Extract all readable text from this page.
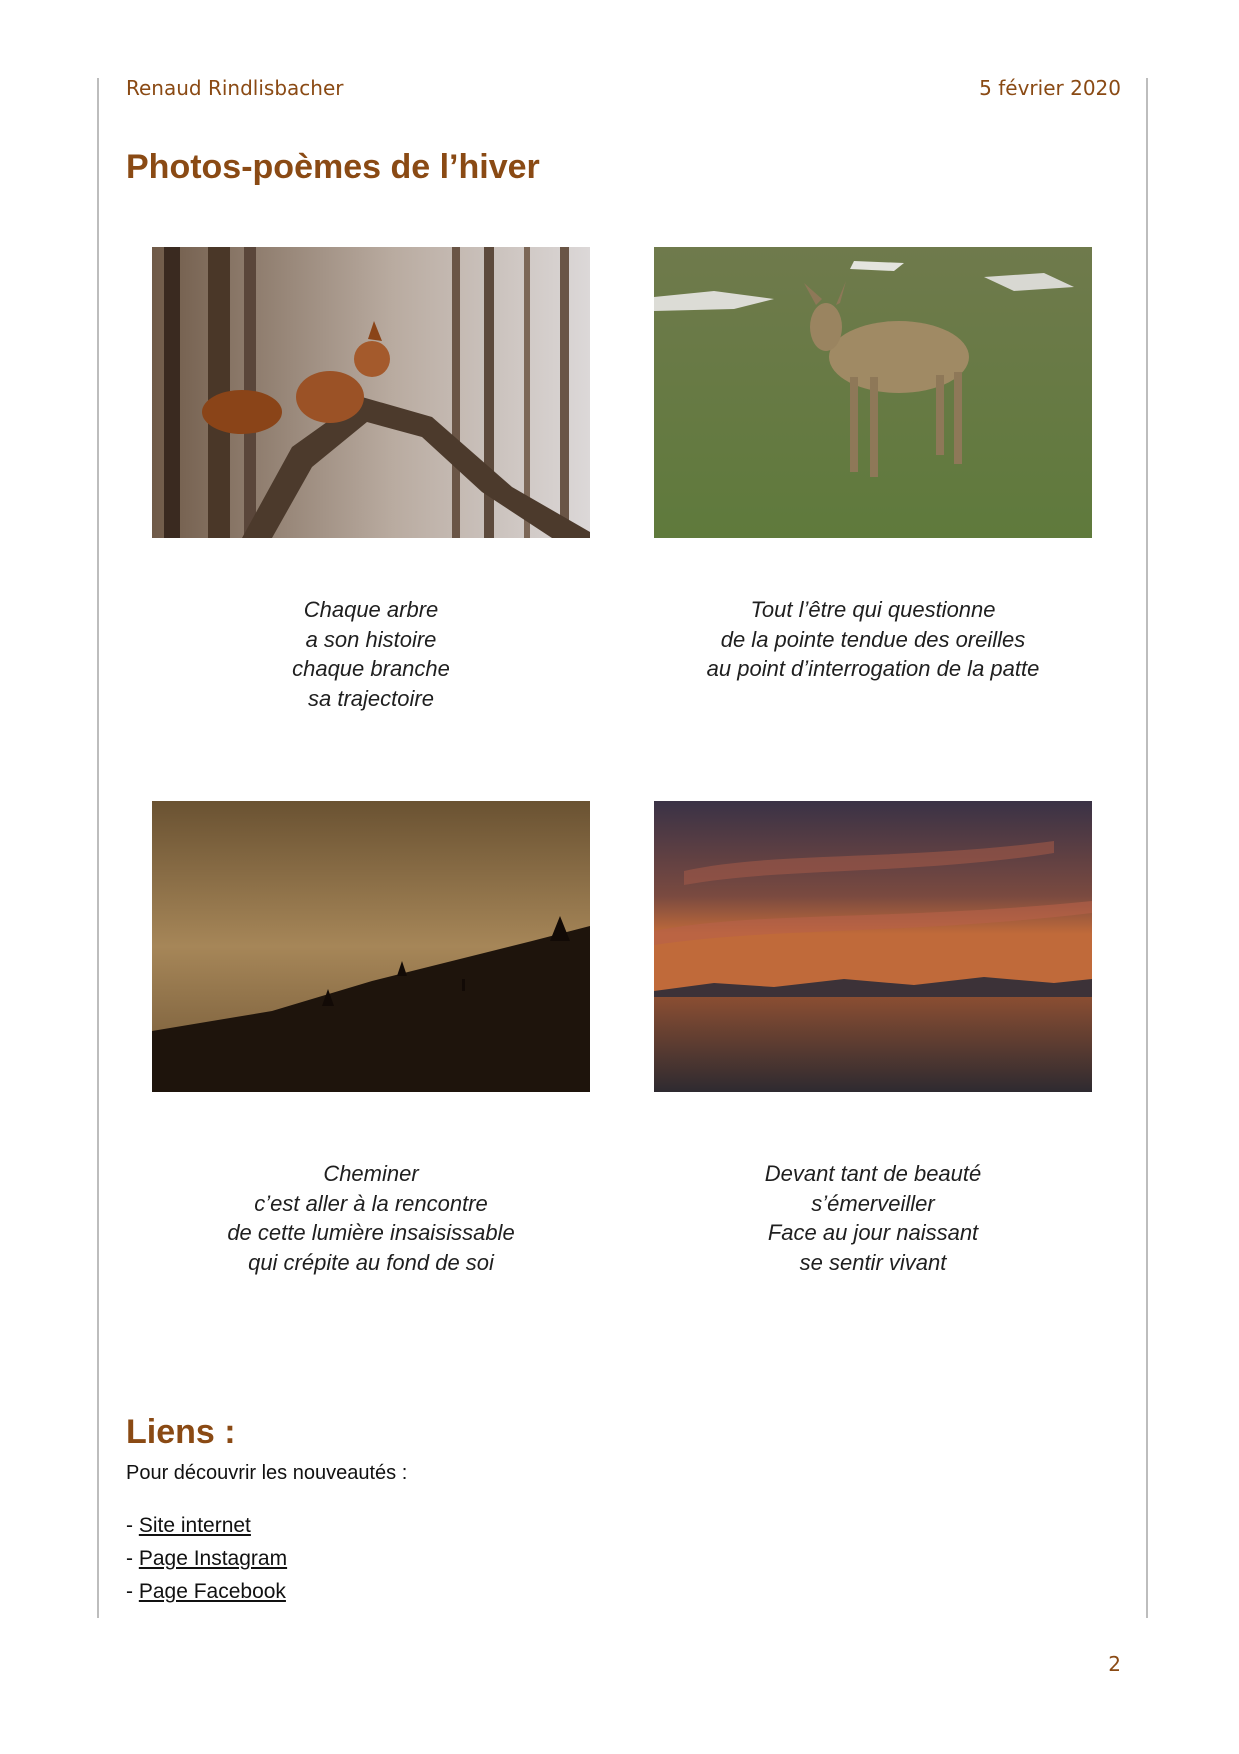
Renaud Rindlisbacher	5 février 2020
Photos-poèmes de l’hiver
Chaque arbre
a son histoire
chaque branche
sa trajectoire
Tout l’être qui questionne
de la pointe tendue des oreilles
au point d’interrogation de la patte
Cheminer
c’est aller à la rencontre
de cette lumière insaisissable
qui crépite au fond de soi
Devant tant de beauté
s’émerveiller
Face au jour naissant
se sentir vivant
Liens :
Pour découvrir les nouveautés :
- Site internet
- Page Instagram
- Page Facebook
2
